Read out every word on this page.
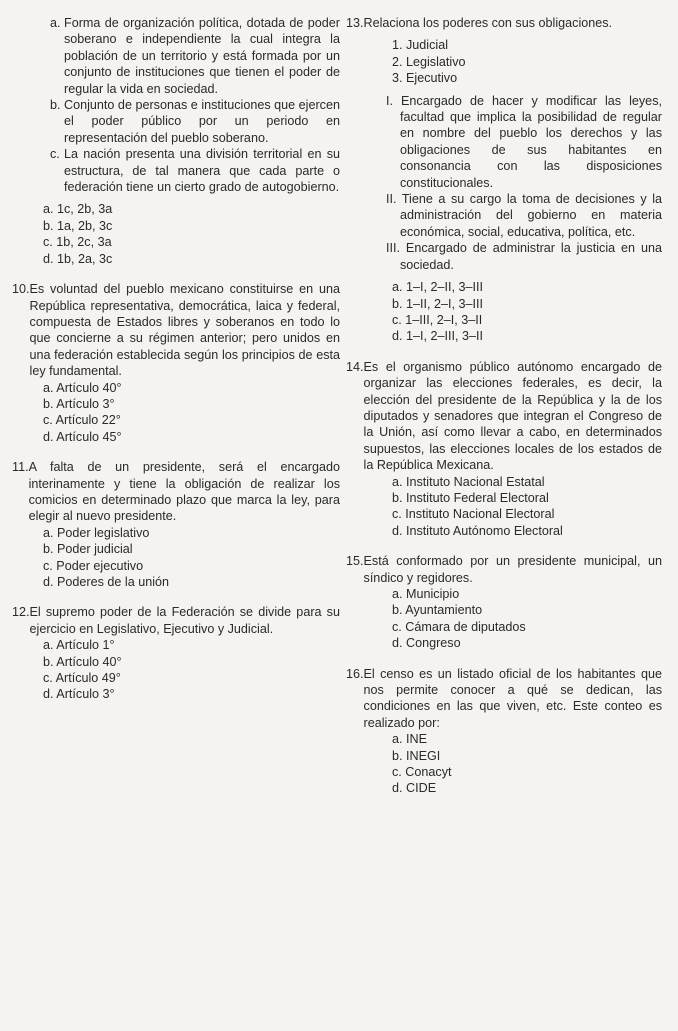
a. Forma de organización política, dotada de poder soberano e independiente la cual integra la población de un territorio y está formada por un conjunto de instituciones que tienen el poder de regular la vida en sociedad.
b. Conjunto de personas e instituciones que ejercen el poder público por un periodo en representación del pueblo soberano.
c. La nación presenta una división territorial en su estructura, de tal manera que cada parte o federación tiene un cierto grado de autogobierno.
a. 1c, 2b, 3a
b. 1a, 2b, 3c
c. 1b, 2c, 3a
d. 1b, 2a, 3c
10. Es voluntad del pueblo mexicano constituirse en una República representativa, democrática, laica y federal, compuesta de Estados libres y soberanos en todo lo que concierne a su régimen anterior; pero unidos en una federación establecida según los principios de esta ley fundamental.
a. Artículo 40°
b. Artículo 3°
c. Artículo 22°
d. Artículo 45°
11. A falta de un presidente, será el encargado interinamente y tiene la obligación de realizar los comicios en determinado plazo que marca la ley, para elegir al nuevo presidente.
a. Poder legislativo
b. Poder judicial
c. Poder ejecutivo
d. Poderes de la unión
12. El supremo poder de la Federación se divide para su ejercicio en Legislativo, Ejecutivo y Judicial.
a. Artículo 1°
b. Artículo 40°
c. Artículo 49°
d. Artículo 3°
13. Relaciona los poderes con sus obligaciones.
1. Judicial
2. Legislativo
3. Ejecutivo
I. Encargado de hacer y modificar las leyes, facultad que implica la posibilidad de regular en nombre del pueblo los derechos y las obligaciones de sus habitantes en consonancia con las disposiciones constitucionales.
II. Tiene a su cargo la toma de decisiones y la administración del gobierno en materia económica, social, educativa, política, etc.
III. Encargado de administrar la justicia en una sociedad.
a. 1–I, 2–II, 3–III
b. 1–II, 2–I, 3–III
c. 1–III, 2–I, 3–II
d. 1–I, 2–III, 3–II
14. Es el organismo público autónomo encargado de organizar las elecciones federales, es decir, la elección del presidente de la República y la de los diputados y senadores que integran el Congreso de la Unión, así como llevar a cabo, en determinados supuestos, las elecciones locales de los estados de la República Mexicana.
a. Instituto Nacional Estatal
b. Instituto Federal Electoral
c. Instituto Nacional Electoral
d. Instituto Autónomo Electoral
15. Está conformado por un presidente municipal, un síndico y regidores.
a. Municipio
b. Ayuntamiento
c. Cámara de diputados
d. Congreso
16. El censo es un listado oficial de los habitantes que nos permite conocer a qué se dedican, las condiciones en las que viven, etc. Este conteo es realizado por:
a. INE
b. INEGI
c. Conacyt
d. CIDE
